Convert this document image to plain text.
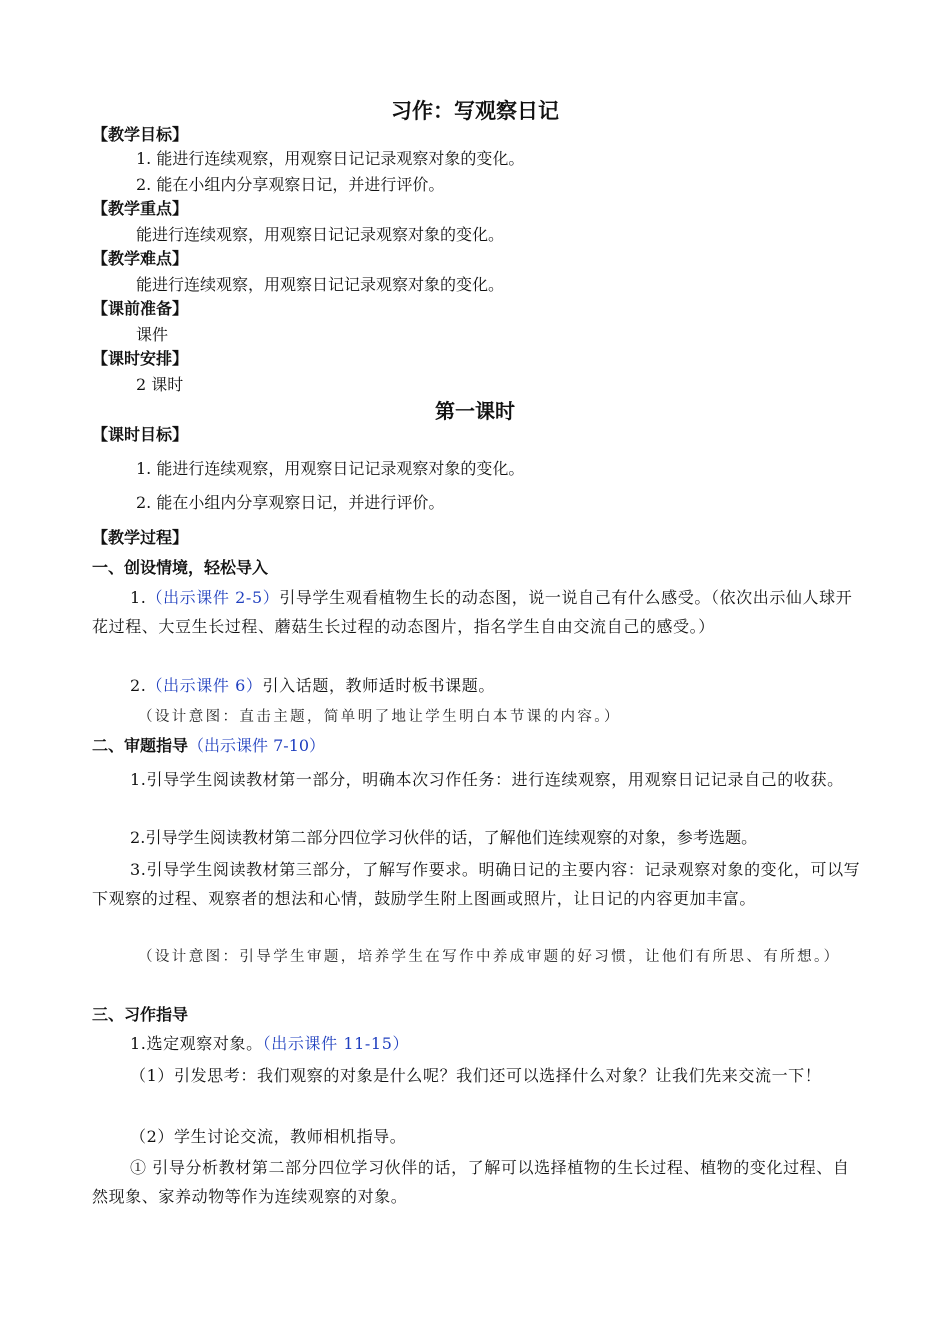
习作：写观察日记
【教学目标】
1. 能进行连续观察，用观察日记记录观察对象的变化。
2. 能在小组内分享观察日记，并进行评价。
【教学重点】
能进行连续观察，用观察日记记录观察对象的变化。
【教学难点】
能进行连续观察，用观察日记记录观察对象的变化。
【课前准备】
课件
【课时安排】
2 课时
第一课时
【课时目标】
1. 能进行连续观察，用观察日记记录观察对象的变化。
2. 能在小组内分享观察日记，并进行评价。
【教学过程】
一、创设情境，轻松导入

1.（出示课件 2-5）引导学生观看植物生长的动态图，说一说自己有什么感受。（依次出示仙人球开花过程、大豆生长过程、蘑菇生长过程的动态图片，指名学生自由交流自己的感受。）

2.（出示课件 6）引入话题，教师适时板书课题。

（设计意图：直击主题，简单明了地让学生明白本节课的内容。）

二、审题指导（出示课件 7-10）

1.引导学生阅读教材第一部分，明确本次习作任务：进行连续观察，用观察日记记录自己的收获。

2.引导学生阅读教材第二部分四位学习伙伴的话，了解他们连续观察的对象，参考选题。

3.引导学生阅读教材第三部分，了解写作要求。明确日记的主要内容：记录观察对象的变化，可以写下观察的过程、观察者的想法和心情，鼓励学生附上图画或照片，让日记的内容更加丰富。

（设计意图：引导学生审题，培养学生在写作中养成审题的好习惯，让他们有所思、有所想。）

三、习作指导

1.选定观察对象。（出示课件 11-15）

（1）引发思考：我们观察的对象是什么呢？我们还可以选择什么对象？让我们先来交流一下！

（2）学生讨论交流，教师相机指导。

① 引导分析教材第二部分四位学习伙伴的话，了解可以选择植物的生长过程、植物的变化过程、自然现象、家养动物等作为连续观察的对象。
